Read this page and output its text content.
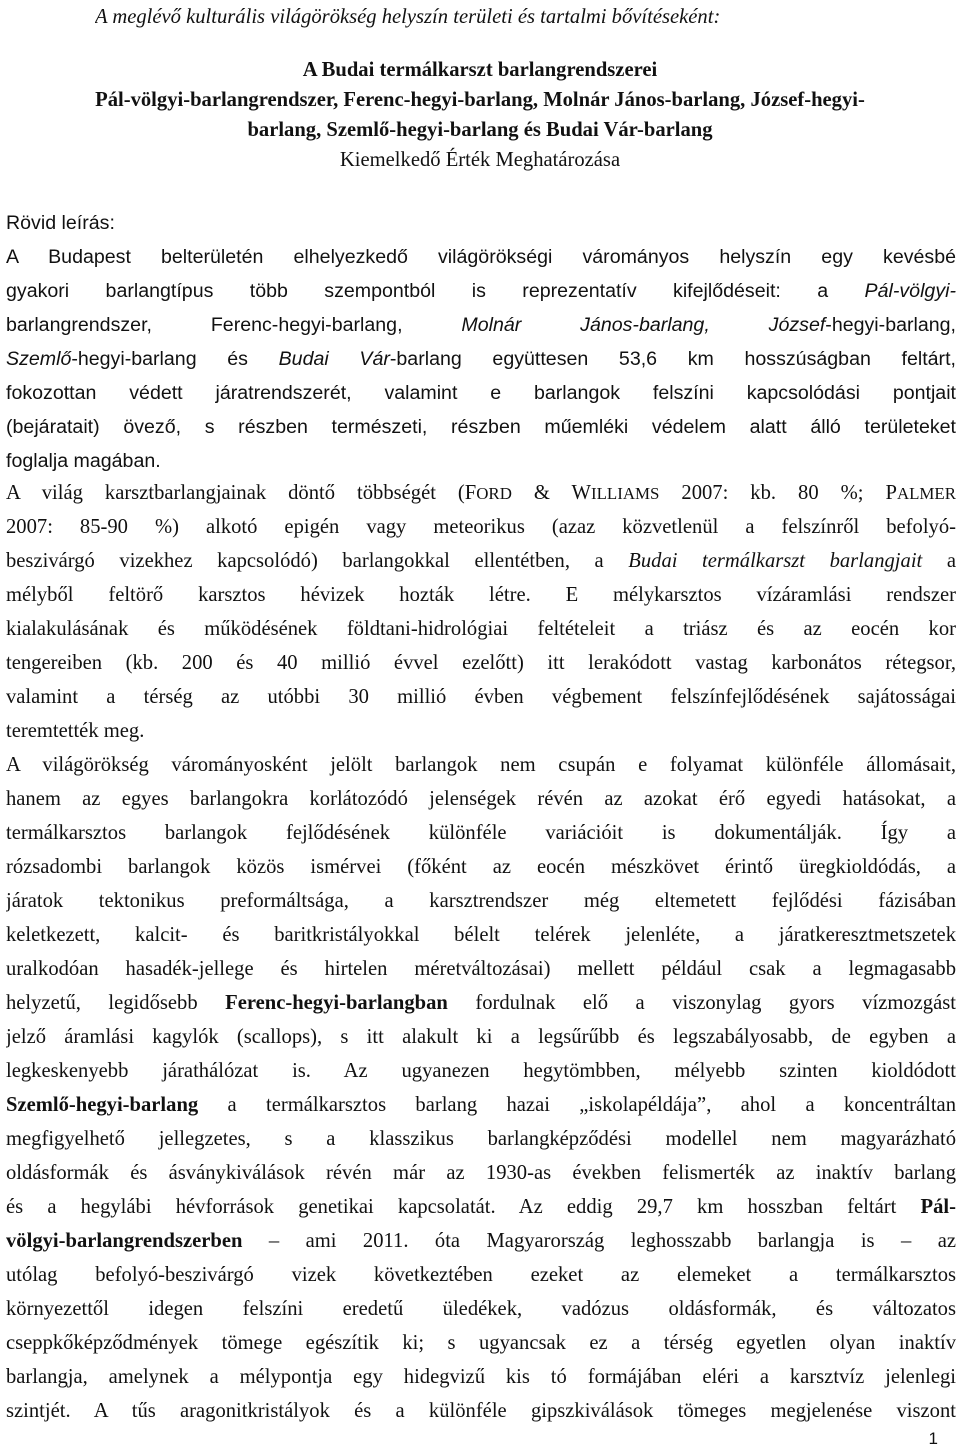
A meglévő kulturális világörökség helyszín területi és tartalmi bővítéseként:
A Budai termálkarszt barlangrendszerei
Pál-völgyi-barlangrendszer, Ferenc-hegyi-barlang, Molnár János-barlang, József-hegyi-
barlang, Szemlő-hegyi-barlang és Budai Vár-barlang
Kiemelkedő Érték Meghatározása
Rövid leírás:
A Budapest belterületén elhelyezkedő világörökségi várományos helyszín egy kevésbé
gyakori barlangtípus több szempontból is reprezentatív kifejlődéseit: a Pál-völgyi-
barlangrendszer, Ferenc-hegyi-barlang,	Molnár János-barlang,	József-hegyi-barlang,
Szemlő-hegyi-barlang és Budai Vár-barlang együttesen 53,6 km hosszúságban feltárt,
fokozottan védett járatrendszerét, valamint e barlangok felszíni kapcsolódási pontjait
(bejáratait) övező, s részben természeti, részben műemléki védelem alatt álló területeket
foglalja magában.
A világ karsztbarlangjainak döntő többségét (FORD & WILLIAMS 2007: kb. 80 %; PALMER
2007: 85-90 %) alkotó epigén vagy meteorikus (azaz közvetlenül a felszínről befolyó-
beszivárgó vizekhez kapcsolódó) barlangokkal ellentétben, a Budai termálkarszt barlangjait a
mélyből feltörő karsztos hévizek hozták létre. E mélykarsztos vízáramlási rendszer
kialakulásának és működésének földtani-hidrológiai feltételeit a triász és az eocén kor
tengereiben (kb. 200 és 40 millió évvel ezelőtt) itt lerakódott vastag karbonátos rétegsor,
valamint a térség az utóbbi 30 millió évben végbement felszínfejlődésének sajátosságai
teremtették meg.
A világörökség várományosként jelölt barlangok nem csupán e folyamat különféle állomásait,
hanem az egyes barlangokra korlátozódó jelenségek révén az azokat érő egyedi hatásokat, a
termálkarsztos barlangok fejlődésének különféle variációit is dokumentálják. Így a
rózsadombi barlangok közös ismérvei (főként az eocén mészkövet érintő üregkioldódás, a
járatok tektonikus preformáltsága, a karsztrendszer még eltemetett fejlődési fázisában
keletkezett, kalcit- és baritkristályokkal bélelt telérek jelenléte, a járatkeresztmetszetek
uralkodóan hasadék-jellege és hirtelen méretváltozásai) mellett például csak a legmagasabb
helyzetű, legidősebb Ferenc-hegyi-barlangban fordulnak elő a viszonylag gyors vízmozgást
jelző áramlási kagylók (scallops), s itt alakult ki a legsűrűbb és legszabályosabb, de egyben a
legkeskenyebb járathálózat is. Az ugyanezen hegytömbben, mélyebb szinten kioldódott
Szemlő-hegyi-barlang a termálkarsztos barlang hazai „iskolapéldája”, ahol a koncentráltan
megfigyelhető jellegzetes, s a klasszikus barlangképződési modellel nem magyarázható
oldásformák és ásványkiválások révén már az 1930-as években felismerték az inaktív barlang
és a hegylábi hévforrások genetikai kapcsolatát. Az eddig 29,7 km hosszban feltárt Pál-
völgyi-barlangrendszerben – ami 2011. óta Magyarország leghosszabb barlangja is – az
utólag befolyó-beszivárgó vizek következtében ezeket az elemeket a termálkarsztos
környezettől idegen felszíni eredetű üledékek, vadózus oldásformák, és változatos
cseppkőképződmények tömege egészítik ki; s ugyancsak ez a térség egyetlen olyan inaktív
barlangja, amelynek a mélypontja egy hidegvizű kis tó formájában eléri a karsztvíz jelenlegi
szintjét. A tűs aragonitkristályok és a különféle gipszkiválások tömeges megjelenése viszont
1
